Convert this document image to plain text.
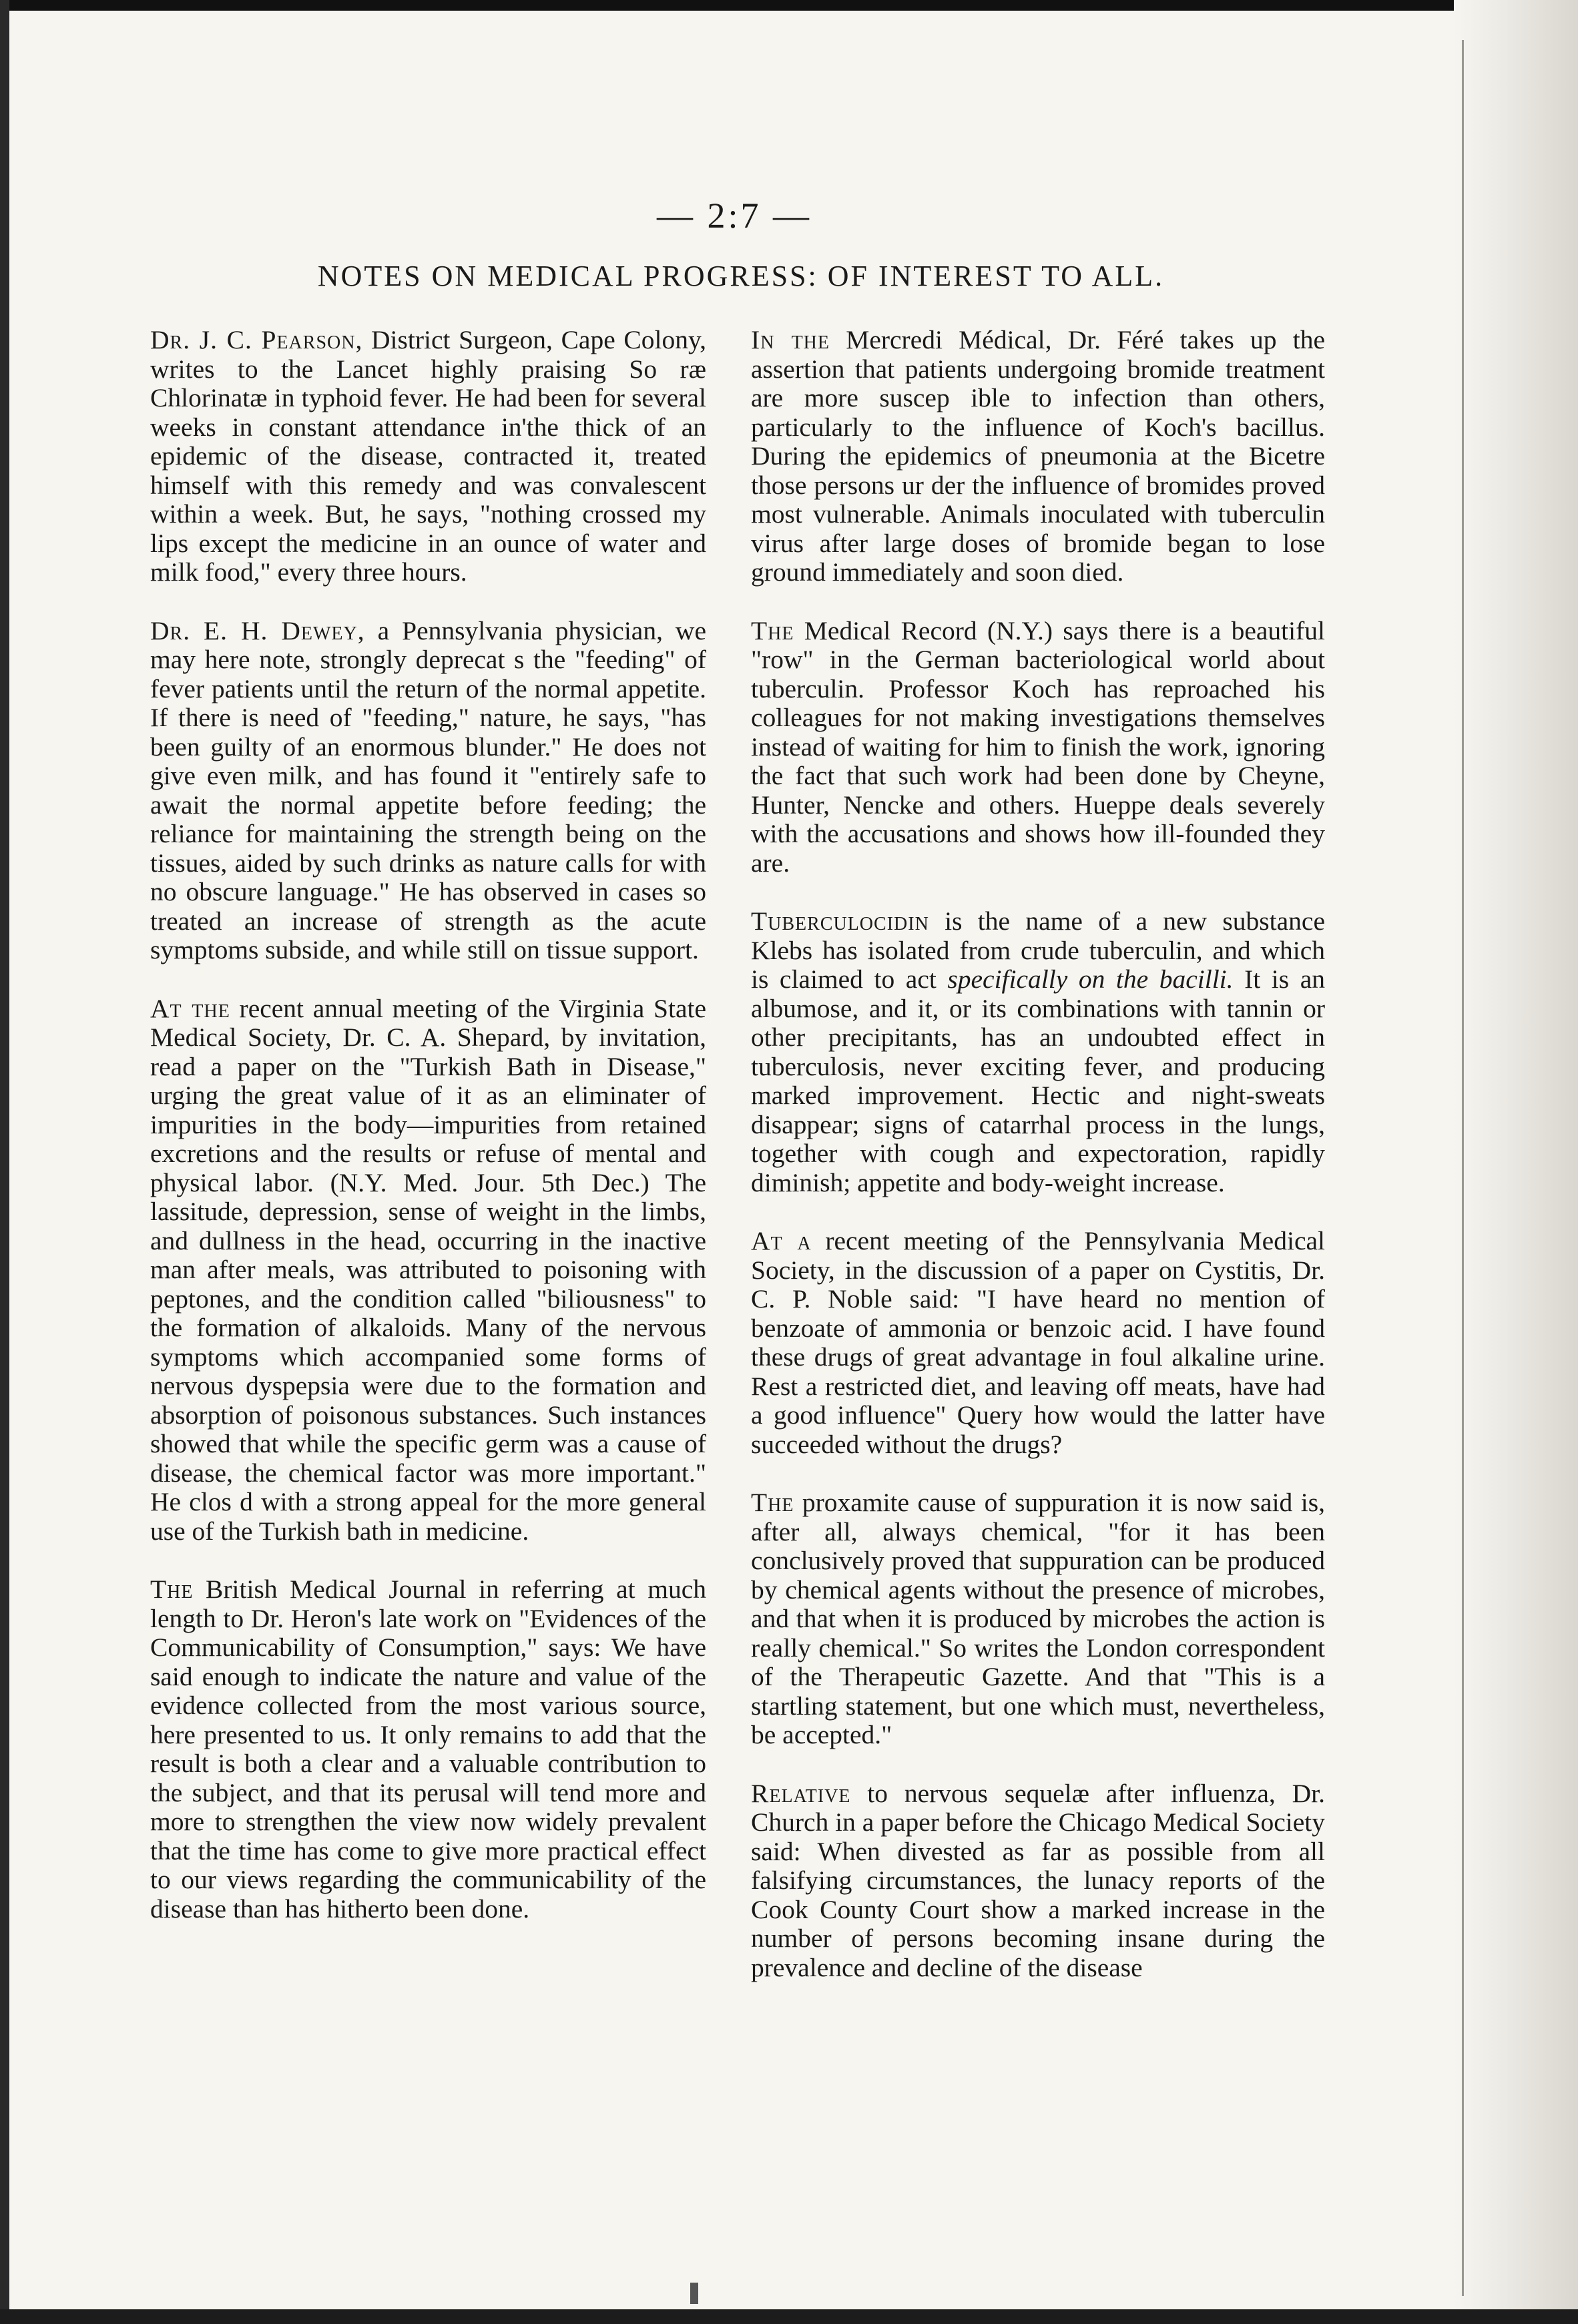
— 2:7 —
NOTES ON MEDICAL PROGRESS: OF INTEREST TO ALL.

Dr. J. C. Pearson, District Surgeon, Cape Colony, writes to the Lancet highly praising So ræ Chlorinatæ in typhoid fever. He had been for several weeks in constant attendance in'the thick of an epidemic of the disease, contracted it, treated himself with this remedy and was convalescent within a week. But, he says, "nothing crossed my lips except the medicine in an ounce of water and milk food," every three hours.

Dr. E. H. Dewey, a Pennsylvania physician, we may here note, strongly deprecat s the "feeding" of fever patients until the return of the normal appetite. If there is need of "feeding," nature, he says, "has been guilty of an enormous blunder." He does not give even milk, and has found it "entirely safe to await the normal appetite before feeding; the reliance for maintaining the strength being on the tissues, aided by such drinks as nature calls for with no obscure language." He has observed in cases so treated an increase of strength as the acute symptoms subside, and while still on tissue support.

At the recent annual meeting of the Virginia State Medical Society, Dr. C. A. Shepard, by invitation, read a paper on the "Turkish Bath in Disease," urging the great value of it as an eliminater of impurities in the body—impurities from retained excretions and the results or refuse of mental and physical labor. (N.Y. Med. Jour. 5th Dec.) The lassitude, depression, sense of weight in the limbs, and dullness in the head, occurring in the inactive man after meals, was attributed to poisoning with peptones, and the condition called "biliousness" to the formation of alkaloids. Many of the nervous symptoms which accompanied some forms of nervous dyspepsia were due to the formation and absorption of poisonous substances. Such instances showed that while the specific germ was a cause of disease, the chemical factor was more important." He clos d with a strong appeal for the more general use of the Turkish bath in medicine.

The British Medical Journal in referring at much length to Dr. Heron's late work on "Evidences of the Communicability of Consumption," says: We have said enough to indicate the nature and value of the evidence collected from the most various source, here presented to us. It only remains to add that the result is both a clear and a valuable contribution to the subject, and that its perusal will tend more and more to strengthen the view now widely prevalent that the time has come to give more practical effect to our views regarding the communicability of the disease than has hitherto been done.

In the Mercredi Médical, Dr. Féré takes up the assertion that patients undergoing bromide treatment are more suscep ible to infection than others, particularly to the influence of Koch's bacillus. During the epidemics of pneumonia at the Bicetre those persons ur der the influence of bromides proved most vulnerable. Animals inoculated with tuberculin virus after large doses of bromide began to lose ground immediately and soon died.

The Medical Record (N.Y.) says there is a beautiful "row" in the German bacteriological world about tuberculin. Professor Koch has reproached his colleagues for not making investigations themselves instead of waiting for him to finish the work, ignoring the fact that such work had been done by Cheyne, Hunter, Nencke and others. Hueppe deals severely with the accusations and shows how ill-founded they are.

Tuberculocidin is the name of a new substance Klebs has isolated from crude tuberculin, and which is claimed to act specifically on the bacilli. It is an albumose, and it, or its combinations with tannin or other precipitants, has an undoubted effect in tuberculosis, never exciting fever, and producing marked improvement. Hectic and night-sweats disappear; signs of catarrhal process in the lungs, together with cough and expectoration, rapidly diminish; appetite and body-weight increase.

At a recent meeting of the Pennsylvania Medical Society, in the discussion of a paper on Cystitis, Dr. C. P. Noble said: "I have heard no mention of benzoate of ammonia or benzoic acid. I have found these drugs of great advantage in foul alkaline urine. Rest a restricted diet, and leaving off meats, have had a good influence" Query how would the latter have succeeded without the drugs?

The proxamite cause of suppuration it is now said is, after all, always chemical, "for it has been conclusively proved that suppuration can be produced by chemical agents without the presence of microbes, and that when it is produced by microbes the action is really chemical." So writes the London correspondent of the Therapeutic Gazette. And that "This is a startling statement, but one which must, nevertheless, be accepted."

Relative to nervous sequelæ after influenza, Dr. Church in a paper before the Chicago Medical Society said: When divested as far as possible from all falsifying circumstances, the lunacy reports of the Cook County Court show a marked increase in the number of persons becoming insane during the prevalence and decline of the disease
